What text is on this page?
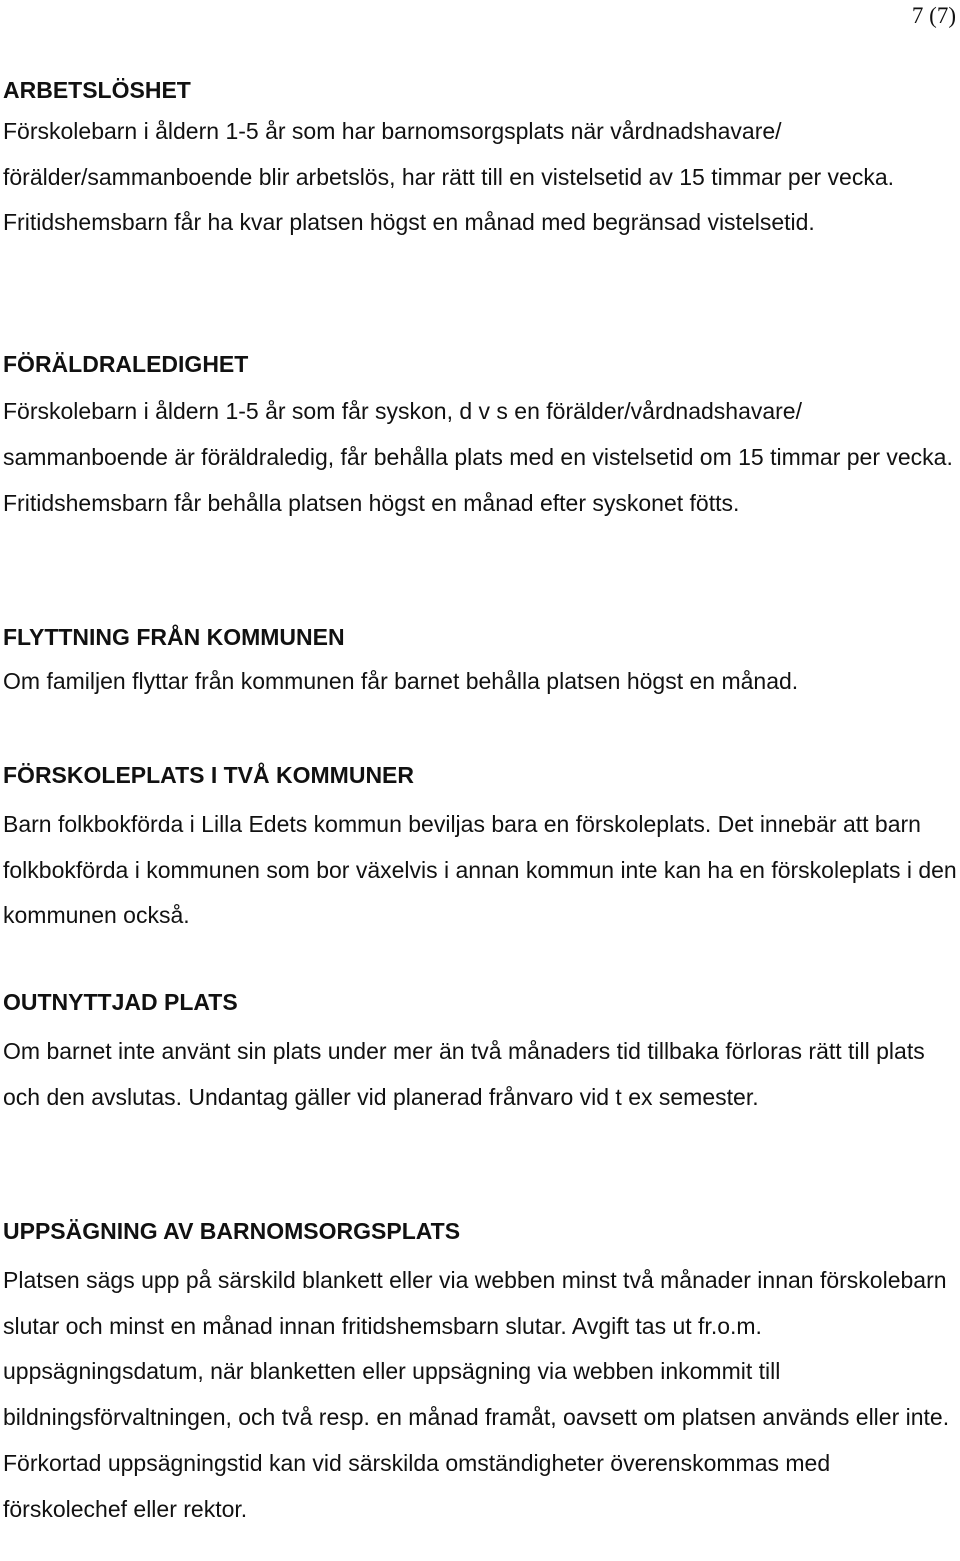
7 (7)
ARBETSLÖSHET

Förskolebarn i åldern 1-5 år som har barnomsorgsplats när vårdnadshavare/ förälder/sammanboende blir arbetslös, har rätt till en vistelsetid av 15 timmar per vecka.

Fritidshemsbarn får ha kvar platsen högst en månad med begränsad vistelsetid.

FÖRÄLDRALEDIGHET

Förskolebarn i åldern 1-5 år som får syskon, d v s en förälder/vårdnadshavare/ sammanboende är föräldraledig, får behålla plats med en vistelsetid om 15 timmar per vecka.

Fritidshemsbarn får behålla platsen högst en månad efter syskonet fötts.

FLYTTNING FRÅN KOMMUNEN

Om familjen flyttar från kommunen får barnet behålla platsen högst en månad.

FÖRSKOLEPLATS I TVÅ KOMMUNER

Barn folkbokförda i Lilla Edets kommun beviljas bara en förskoleplats. Det innebär att barn folkbokförda i kommunen som bor växelvis i annan kommun inte kan ha en förskoleplats i den kommunen också.

OUTNYTTJAD PLATS

Om barnet inte använt sin plats under mer än två månaders tid tillbaka förloras rätt till plats och den avslutas. Undantag gäller vid planerad frånvaro vid t ex semester.

UPPSÄGNING AV BARNOMSORGSPLATS

Platsen sägs upp på särskild blankett eller via webben minst två månader innan förskolebarn slutar och minst en månad innan fritidshemsbarn slutar. Avgift tas ut fr.o.m. uppsägningsdatum, när blanketten eller uppsägning via webben inkommit till bildningsförvaltningen, och två resp. en månad framåt, oavsett om platsen används eller inte.

Förkortad uppsägningstid kan vid särskilda omständigheter överenskommas med förskolechef eller rektor.
